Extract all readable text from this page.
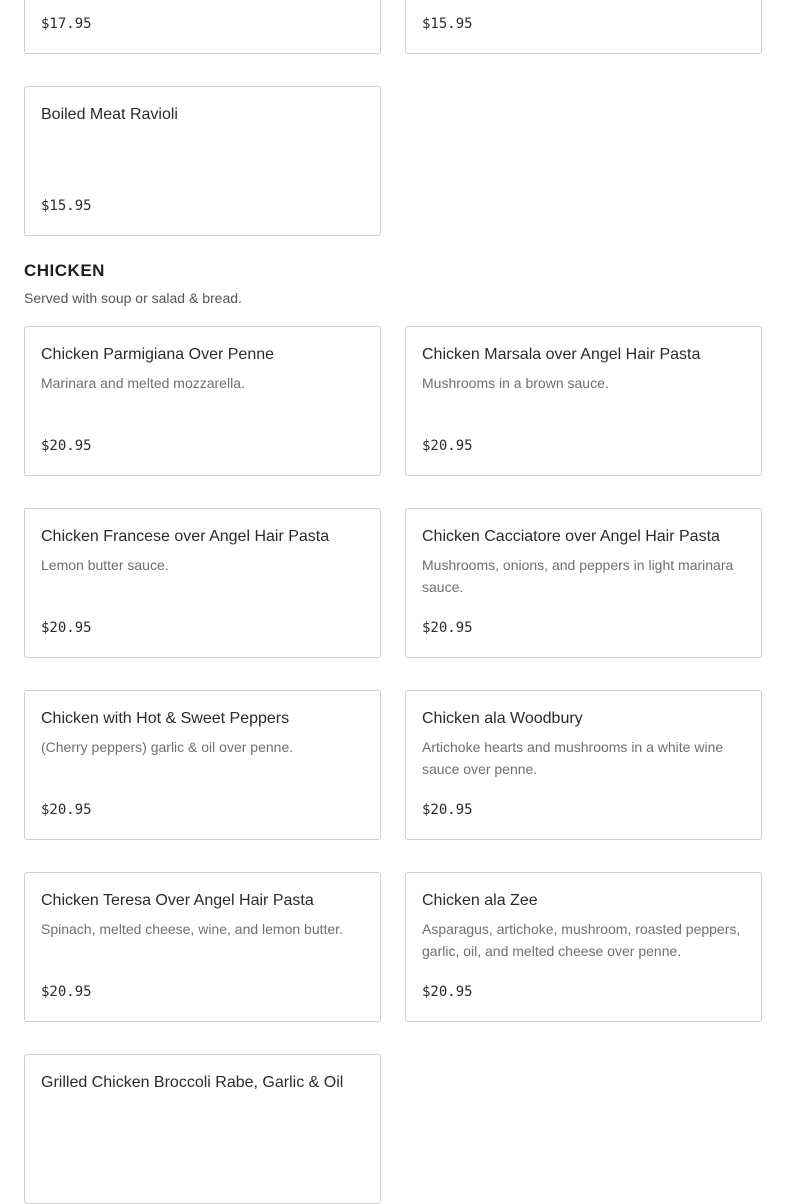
$17.95	$15.95
Boiled Meat Ravioli
$15.95
CHICKEN
Served with soup or salad & bread.
Chicken Parmigiana Over Penne
Marinara and melted mozzarella.
$20.95
Chicken Marsala over Angel Hair Pasta
Mushrooms in a brown sauce.
$20.95
Chicken Francese over Angel Hair Pasta
Lemon butter sauce.
$20.95
Chicken Cacciatore over Angel Hair Pasta
Mushrooms, onions, and peppers in light marinara sauce.
$20.95
Chicken with Hot & Sweet Peppers
(Cherry peppers) garlic & oil over penne.
$20.95
Chicken ala Woodbury
Artichoke hearts and mushrooms in a white wine sauce over penne.
$20.95
Chicken Teresa Over Angel Hair Pasta
Spinach, melted cheese, wine, and lemon butter.
$20.95
Chicken ala Zee
Asparagus, artichoke, mushroom, roasted peppers, garlic, oil, and melted cheese over penne.
$20.95
Grilled Chicken Broccoli Rabe, Garlic & Oil
